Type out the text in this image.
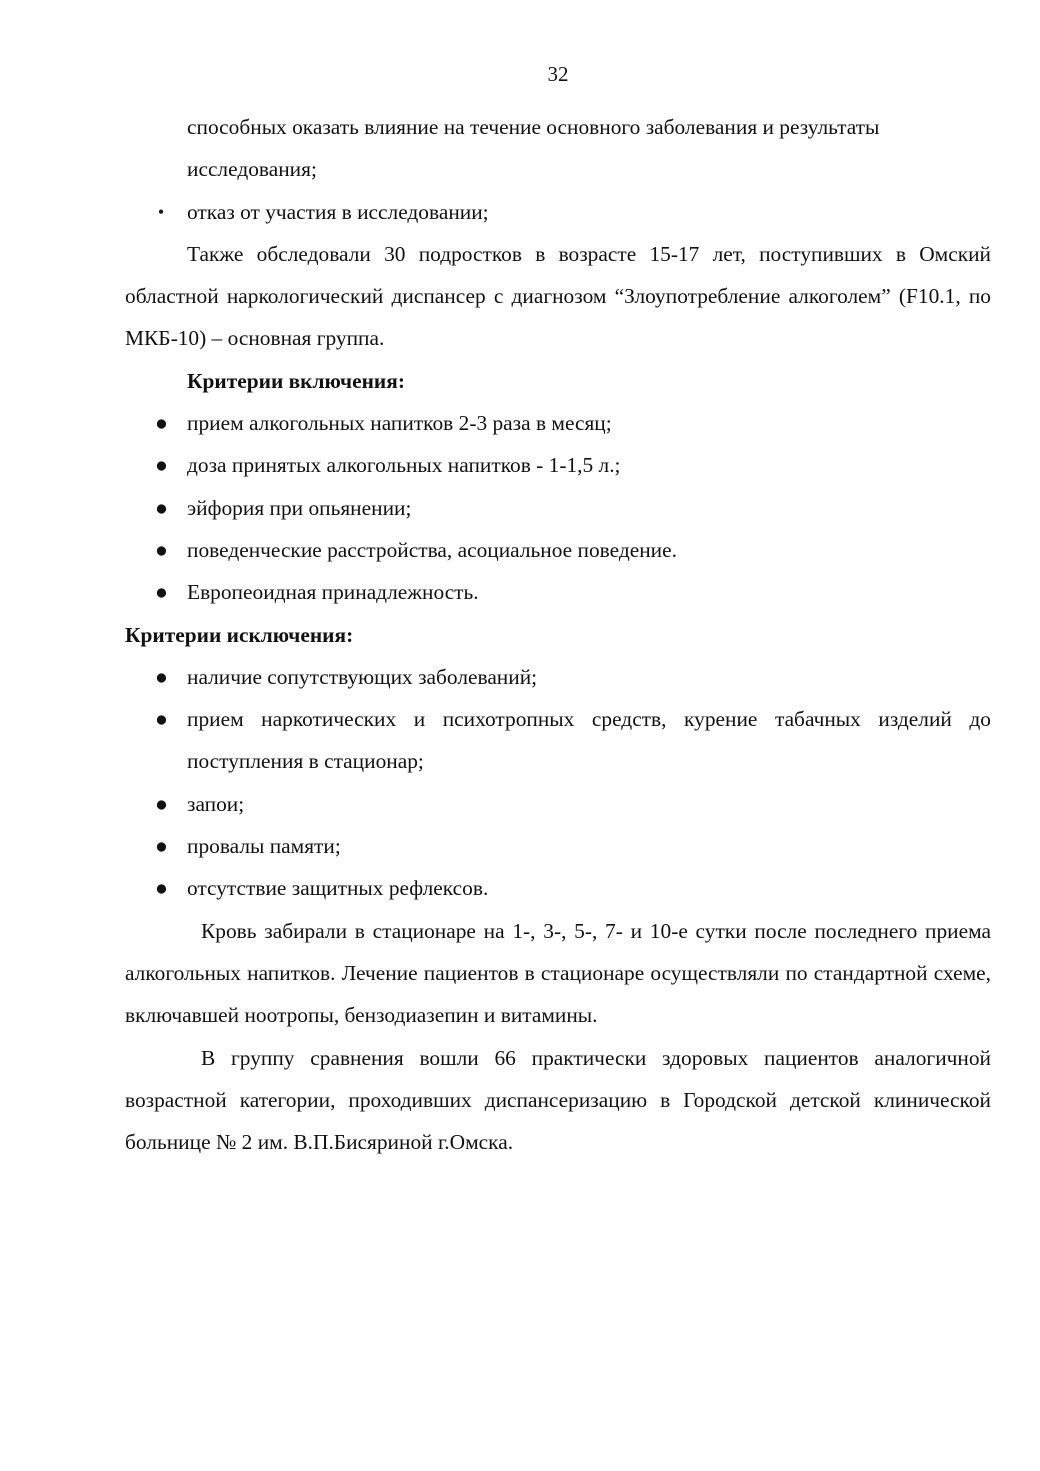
32

способных оказать влияние на течение основного заболевания и результаты исследования;

• отказ от участия в исследовании;

Также обследовали 30 подростков в возрасте 15-17 лет, поступивших в Омский областной наркологический диспансер с диагнозом “Злоупотребление алкоголем” (F10.1, по МКБ-10) – основная группа.

Критерии включения:

● прием алкогольных напитков 2-3 раза в месяц;
● доза принятых алкогольных напитков - 1-1,5 л.;
● эйфория при опьянении;
● поведенческие расстройства, асоциальное поведение.
● Европеоидная принадлежность.

Критерии исключения:

● наличие сопутствующих заболеваний;
● прием наркотических и психотропных средств, курение табачных изделий до поступления в стационар;
● запои;
● провалы памяти;
● отсутствие защитных рефлексов.

Кровь забирали в стационаре на 1-, 3-, 5-, 7- и 10-е сутки после последнего приема алкогольных напитков. Лечение пациентов в стационаре осуществляли по стандартной схеме, включавшей ноотропы, бензодиазепин и витамины.

В группу сравнения вошли 66 практически здоровых пациентов аналогичной возрастной категории, проходивших диспансеризацию в Городской детской клинической больнице № 2 им. В.П.Бисяриной г.Омска.
